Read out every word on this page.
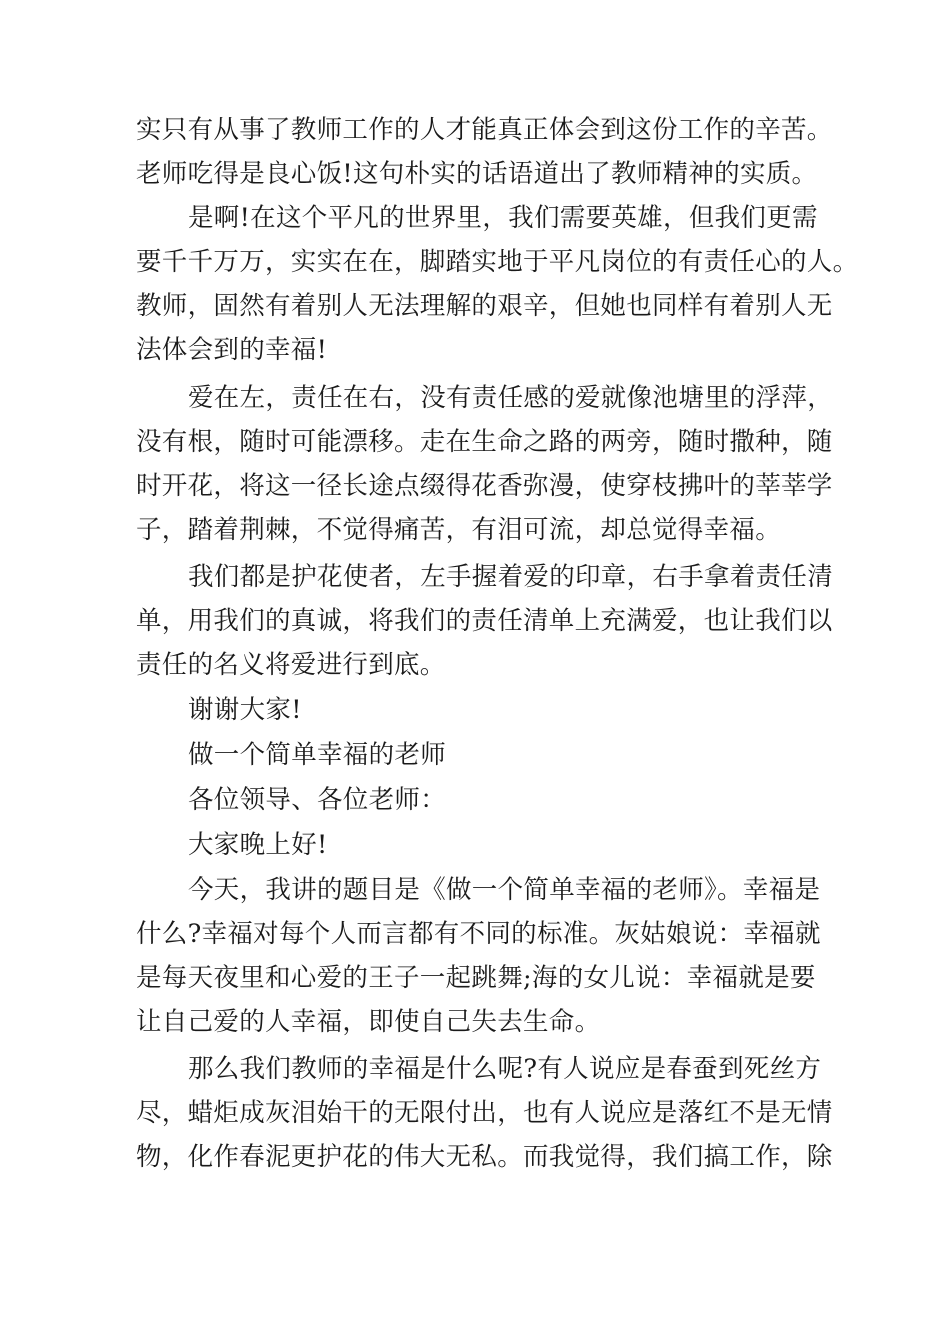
实只有从事了教师工作的人才能真正体会到这份工作的辛苦。
老师吃得是良心饭!这句朴实的话语道出了教师精神的实质。
是啊!在这个平凡的世界里，我们需要英雄，但我们更需
要千千万万，实实在在，脚踏实地于平凡岗位的有责任心的人。
教师，固然有着别人无法理解的艰辛，但她也同样有着别人无
法体会到的幸福!
爱在左，责任在右，没有责任感的爱就像池塘里的浮萍，
没有根，随时可能漂移。走在生命之路的两旁，随时撒种，随
时开花，将这一径长途点缀得花香弥漫，使穿枝拂叶的莘莘学
子，踏着荆棘，不觉得痛苦，有泪可流，却总觉得幸福。
我们都是护花使者，左手握着爱的印章，右手拿着责任清
单，用我们的真诚，将我们的责任清单上充满爱，也让我们以
责任的名义将爱进行到底。
谢谢大家!
做一个简单幸福的老师
各位领导、各位老师：
大家晚上好!
今天，我讲的题目是《做一个简单幸福的老师》。幸福是
什么?幸福对每个人而言都有不同的标准。灰姑娘说：幸福就
是每天夜里和心爱的王子一起跳舞;海的女儿说：幸福就是要
让自己爱的人幸福，即使自己失去生命。
那么我们教师的幸福是什么呢?有人说应是春蚕到死丝方
尽，蜡炬成灰泪始干的无限付出，也有人说应是落红不是无情
物，化作春泥更护花的伟大无私。而我觉得，我们搞工作，除
